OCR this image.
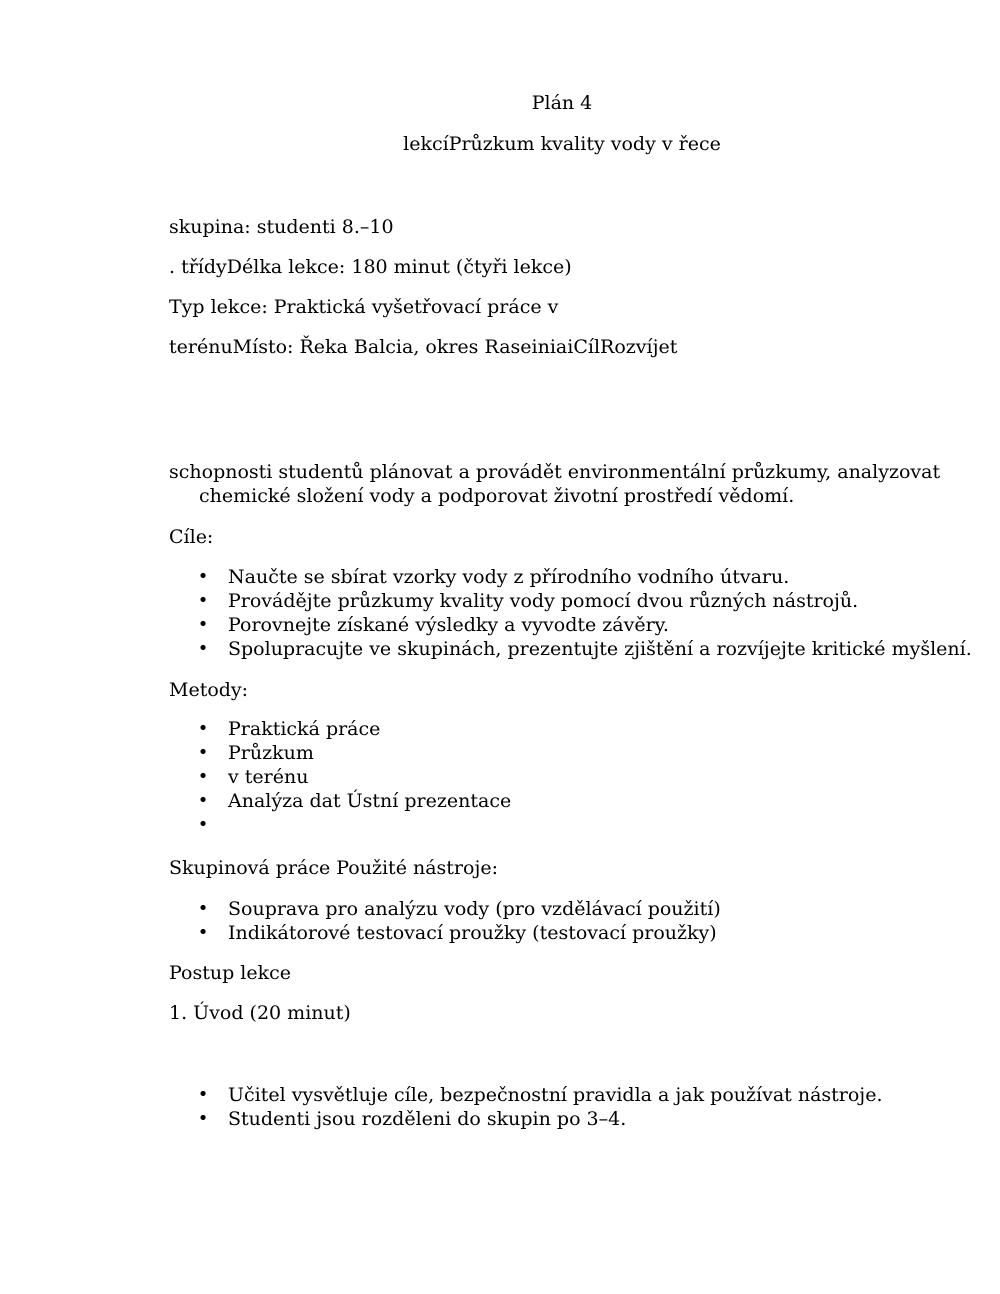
Plán 4
lekcíPrůzkum kvality vody v řece
skupina: studenti 8.–10
. třídyDélka lekce: 180 minut (čtyři lekce)
Typ lekce: Praktická vyšetřovací práce v
terénuMísto: Řeka Balcia, okres RaseiniaiCílRozvíjet
schopnosti studentů plánovat a provádět environmentální průzkumy, analyzovat
chemické složení vody a podporovat životní prostředí vědomí.
Cíle:
• Naučte se sbírat vzorky vody z přírodního vodního útvaru.
• Provádějte průzkumy kvality vody pomocí dvou různých nástrojů.
• Porovnejte získané výsledky a vyvodte závěry.
• Spolupracujte ve skupinách, prezentujte zjištění a rozvíjejte kritické myšlení.
Metody:
• Praktická práce
• Průzkum
• v terénu
• Analýza dat Ústní prezentace
•
Skupinová práce Použité nástroje:
• Souprava pro analýzu vody (pro vzdělávací použití)
• Indikátorové testovací proužky (testovací proužky)
Postup lekce
1. Úvod (20 minut)
• Učitel vysvětluje cíle, bezpečnostní pravidla a jak používat nástroje.
• Studenti jsou rozděleni do skupin po 3–4.
